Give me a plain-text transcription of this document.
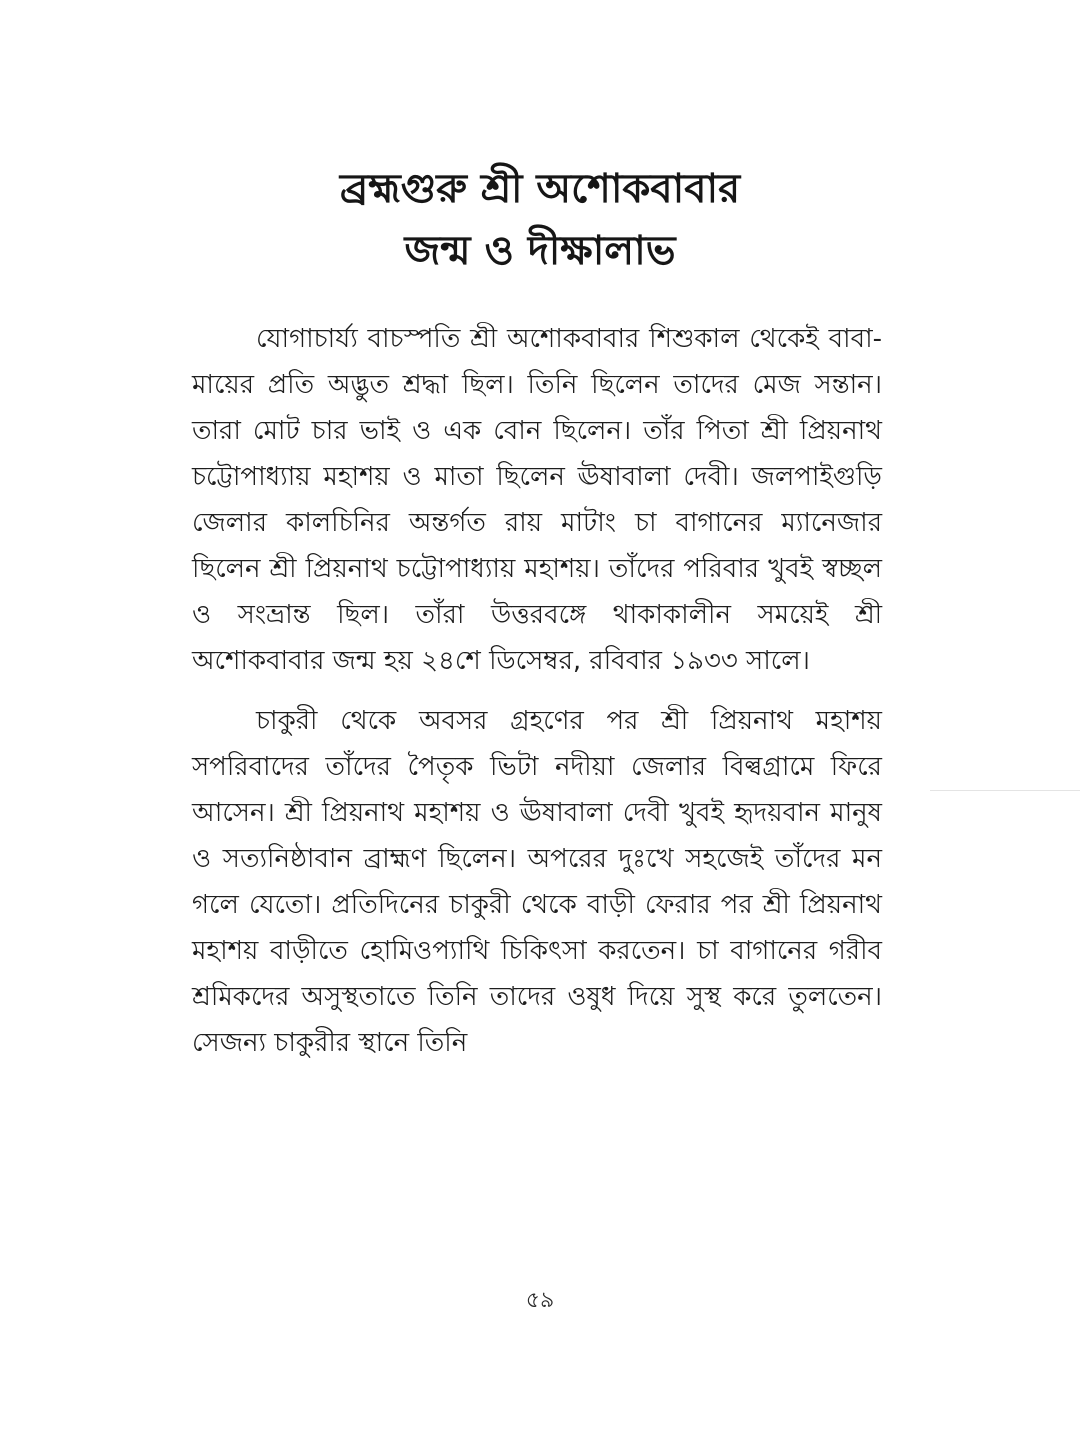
ব্রহ্মগুরু শ্রী অশোকবাবার
জন্ম ও দীক্ষালাভ

যোগাচার্য্য বাচস্পতি শ্রী অশোকবাবার শিশুকাল থেকেই বাবা-মায়ের প্রতি অদ্ভুত শ্রদ্ধা ছিল। তিনি ছিলেন তাদের মেজ সন্তান। তারা মোট চার ভাই ও এক বোন ছিলেন। তাঁর পিতা শ্রী প্রিয়নাথ চট্টোপাধ্যায় মহাশয় ও মাতা ছিলেন ঊষাবালা দেবী। জলপাইগুড়ি জেলার কালচিনির অন্তর্গত রায় মাটাং চা বাগানের ম্যানেজার ছিলেন শ্রী প্রিয়নাথ চট্টোপাধ্যায় মহাশয়। তাঁদের পরিবার খুবই স্বচ্ছল ও সংভ্রান্ত ছিল। তাঁরা উত্তরবঙ্গে থাকাকালীন সময়েই শ্রী অশোকবাবার জন্ম হয় ২৪শে ডিসেম্বর, রবিবার ১৯৩৩ সালে।

চাকুরী থেকে অবসর গ্রহণের পর শ্রী প্রিয়নাথ মহাশয় সপরিবাদের তাঁদের পৈতৃক ভিটা নদীয়া জেলার বিল্বগ্রামে ফিরে আসেন। শ্রী প্রিয়নাথ মহাশয় ও ঊষাবালা দেবী খুবই হৃদয়বান মানুষ ও সত্যনিষ্ঠাবান ব্রাহ্মণ ছিলেন। অপরের দুঃখে সহজেই তাঁদের মন গলে যেতো। প্রতিদিনের চাকুরী থেকে বাড়ী ফেরার পর শ্রী প্রিয়নাথ মহাশয় বাড়ীতে হোমিওপ্যাথি চিকিৎসা করতেন। চা বাগানের গরীব শ্রমিকদের অসুস্থতাতে তিনি তাদের ওষুধ দিয়ে সুস্থ করে তুলতেন। সেজন্য চাকুরীর স্থানে তিনি

৫৯
